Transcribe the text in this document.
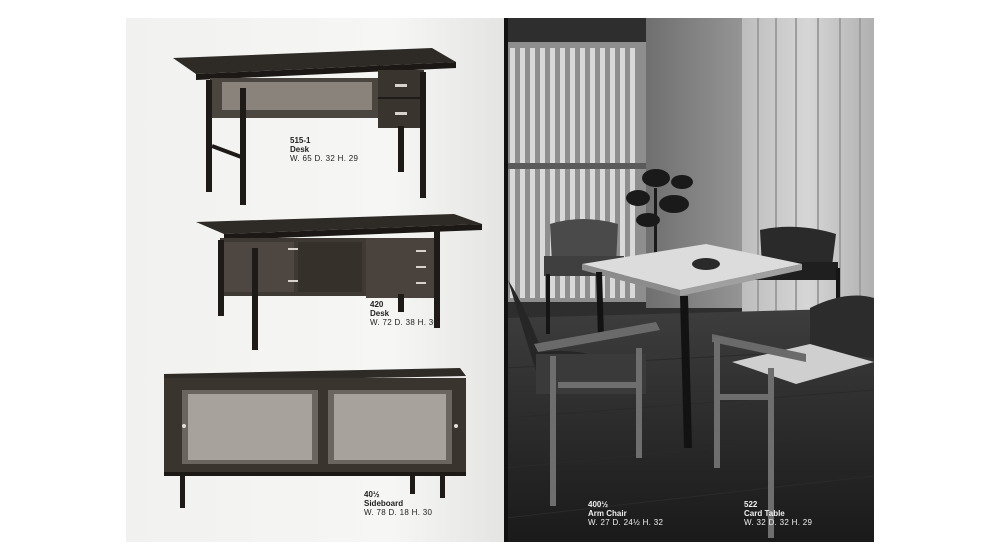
515-1
Desk
W. 65 D. 32 H. 29
420
Desk
W. 72 D. 38 H. 30
40½
Sideboard
W. 78 D. 18 H. 30
400½
Arm Chair
W. 27 D. 24½ H. 32
522
Card Table
W. 32 D. 32 H. 29
